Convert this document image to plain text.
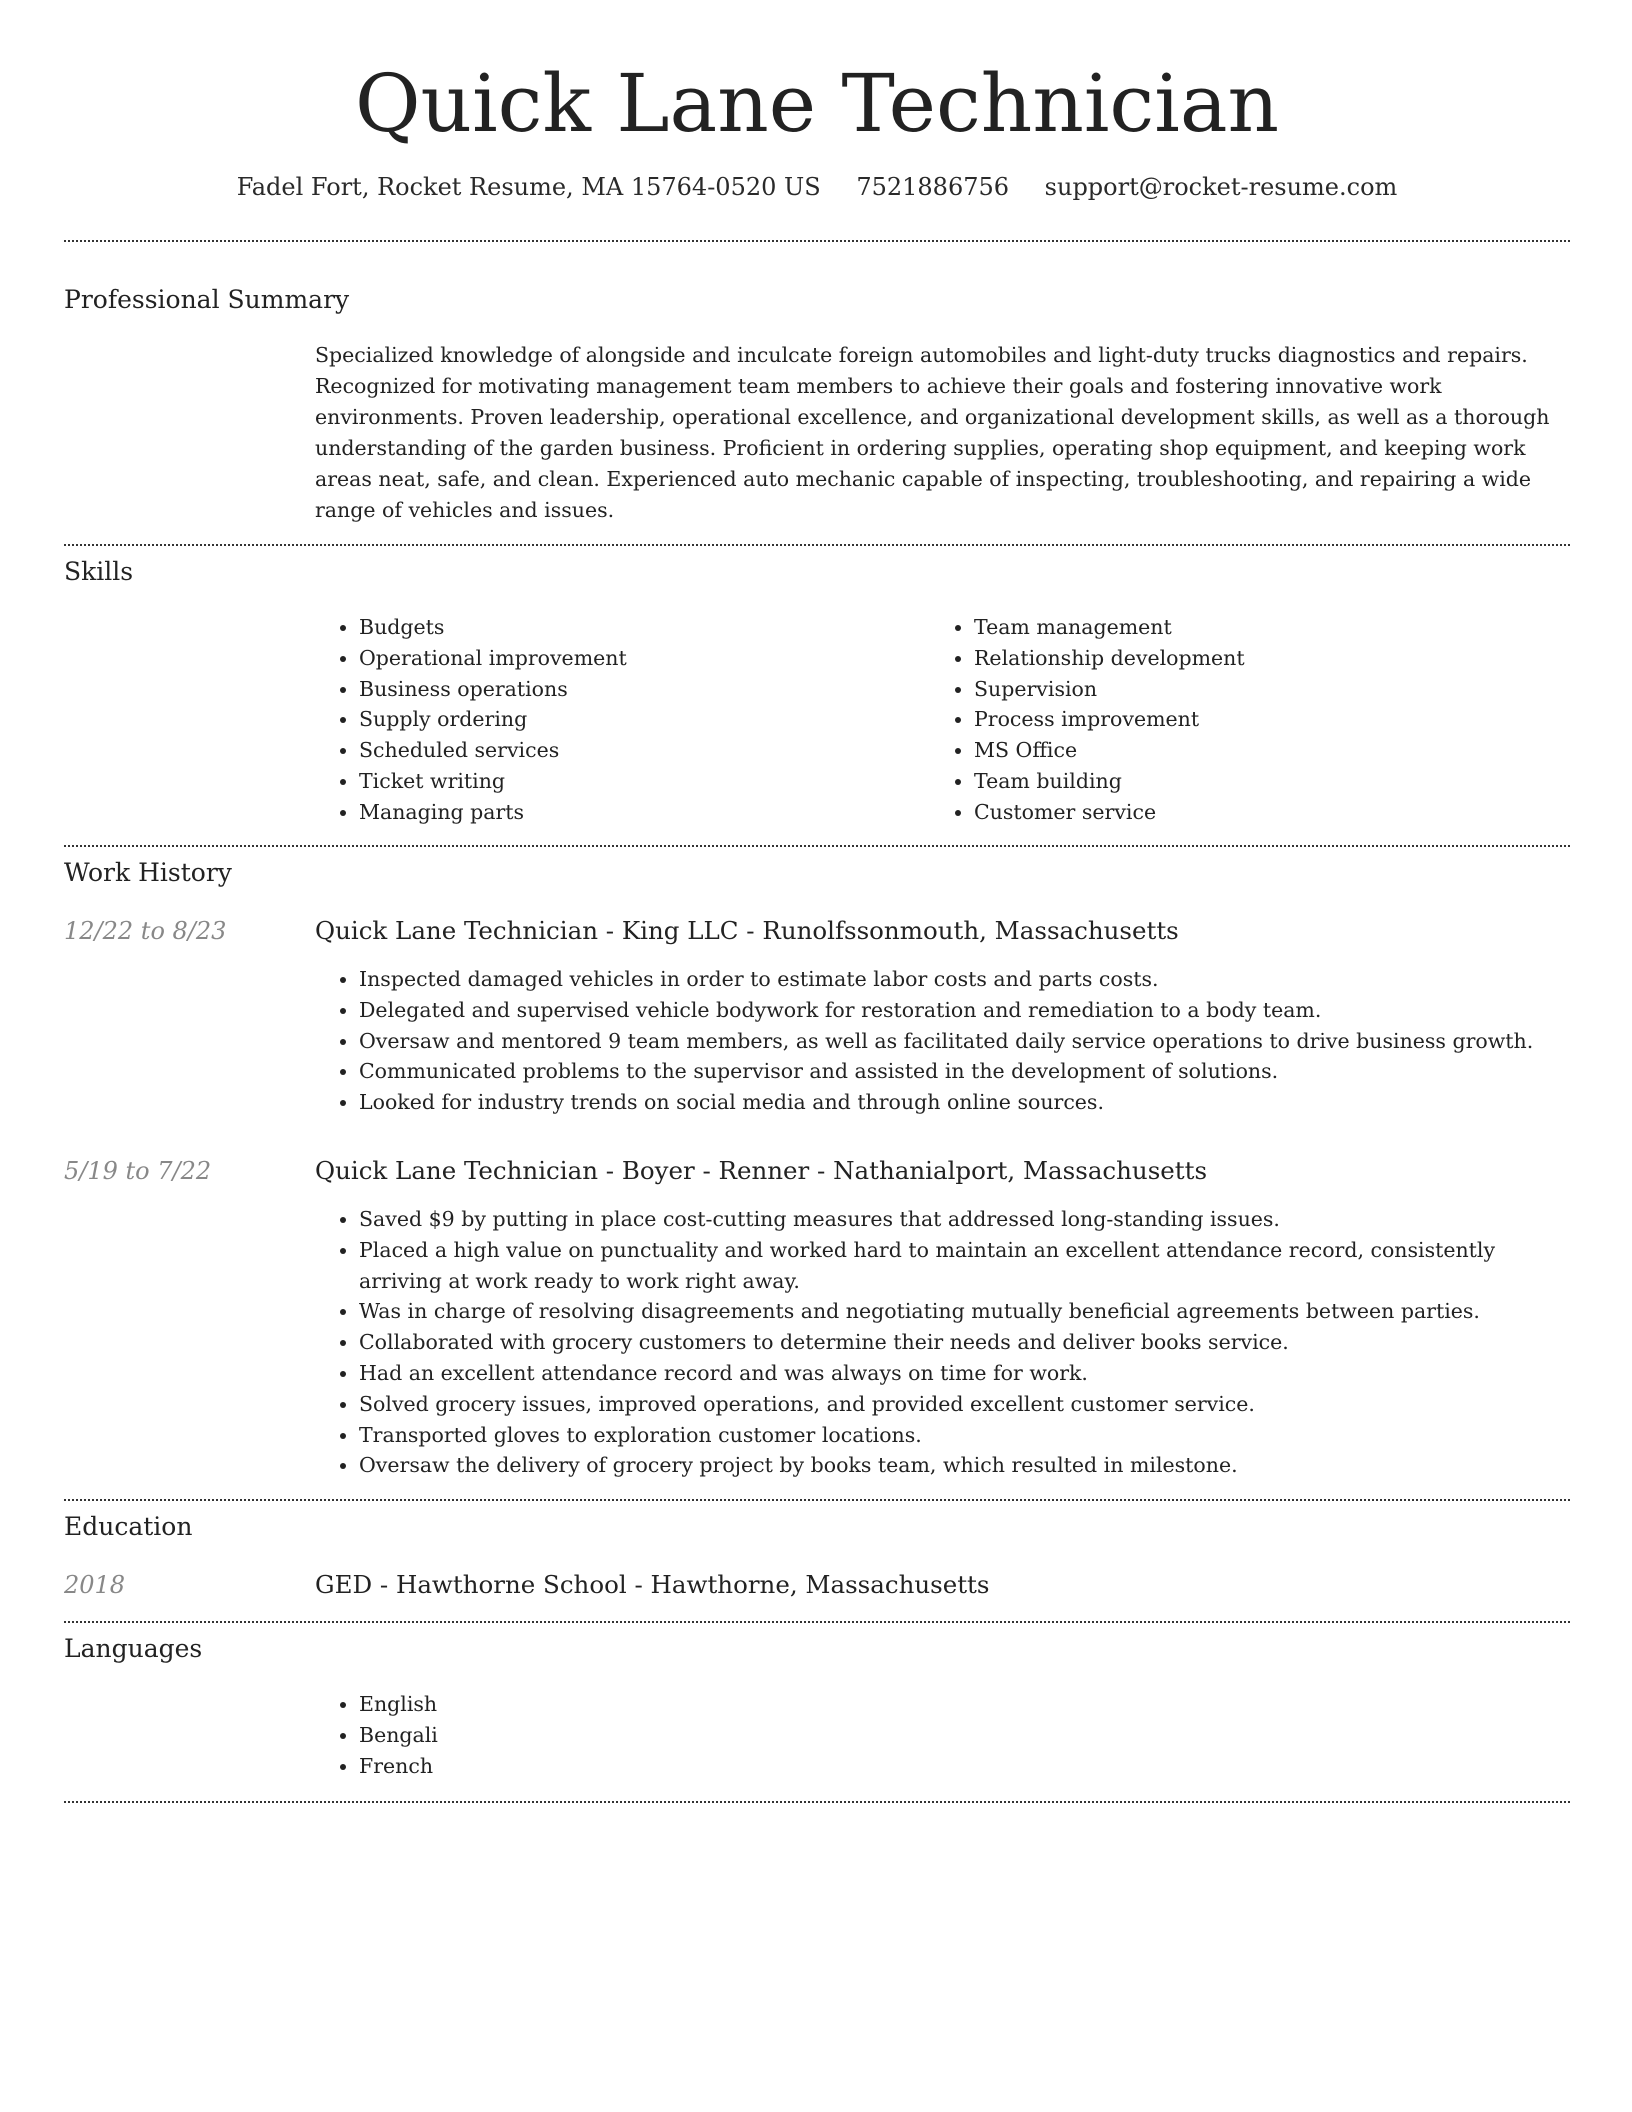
Quick Lane Technician
Fadel Fort, Rocket Resume, MA 15764-0520 US 7521886756 support@rocket-resume.com
Professional Summary

Specialized knowledge of alongside and inculcate foreign automobiles and light-duty trucks diagnostics and repairs. Recognized for motivating management team members to achieve their goals and fostering innovative work environments. Proven leadership, operational excellence, and organizational development skills, as well as a thorough understanding of the garden business. Proficient in ordering supplies, operating shop equipment, and keeping work areas neat, safe, and clean. Experienced auto mechanic capable of inspecting, troubleshooting, and repairing a wide range of vehicles and issues.

Skills
• Budgets
• Operational improvement
• Business operations
• Supply ordering
• Scheduled services
• Ticket writing
• Managing parts
• Team management
• Relationship development
• Supervision
• Process improvement
• MS Office
• Team building
• Customer service
Work History
12/22 to 8/23	Quick Lane Technician - King LLC - Runolfssonmouth, Massachusetts
• Inspected damaged vehicles in order to estimate labor costs and parts costs.
• Delegated and supervised vehicle bodywork for restoration and remediation to a body team.
• Oversaw and mentored 9 team members, as well as facilitated daily service operations to drive business growth.
• Communicated problems to the supervisor and assisted in the development of solutions.
• Looked for industry trends on social media and through online sources.
5/19 to 7/22	Quick Lane Technician - Boyer - Renner - Nathanialport, Massachusetts
• Saved $9 by putting in place cost-cutting measures that addressed long-standing issues.
• Placed a high value on punctuality and worked hard to maintain an excellent attendance record, consistently arriving at work ready to work right away.
• Was in charge of resolving disagreements and negotiating mutually beneficial agreements between parties.
• Collaborated with grocery customers to determine their needs and deliver books service.
• Had an excellent attendance record and was always on time for work.
• Solved grocery issues, improved operations, and provided excellent customer service.
• Transported gloves to exploration customer locations.
• Oversaw the delivery of grocery project by books team, which resulted in milestone.
Education
2018	GED - Hawthorne School - Hawthorne, Massachusetts
Languages
• English
• Bengali
• French
